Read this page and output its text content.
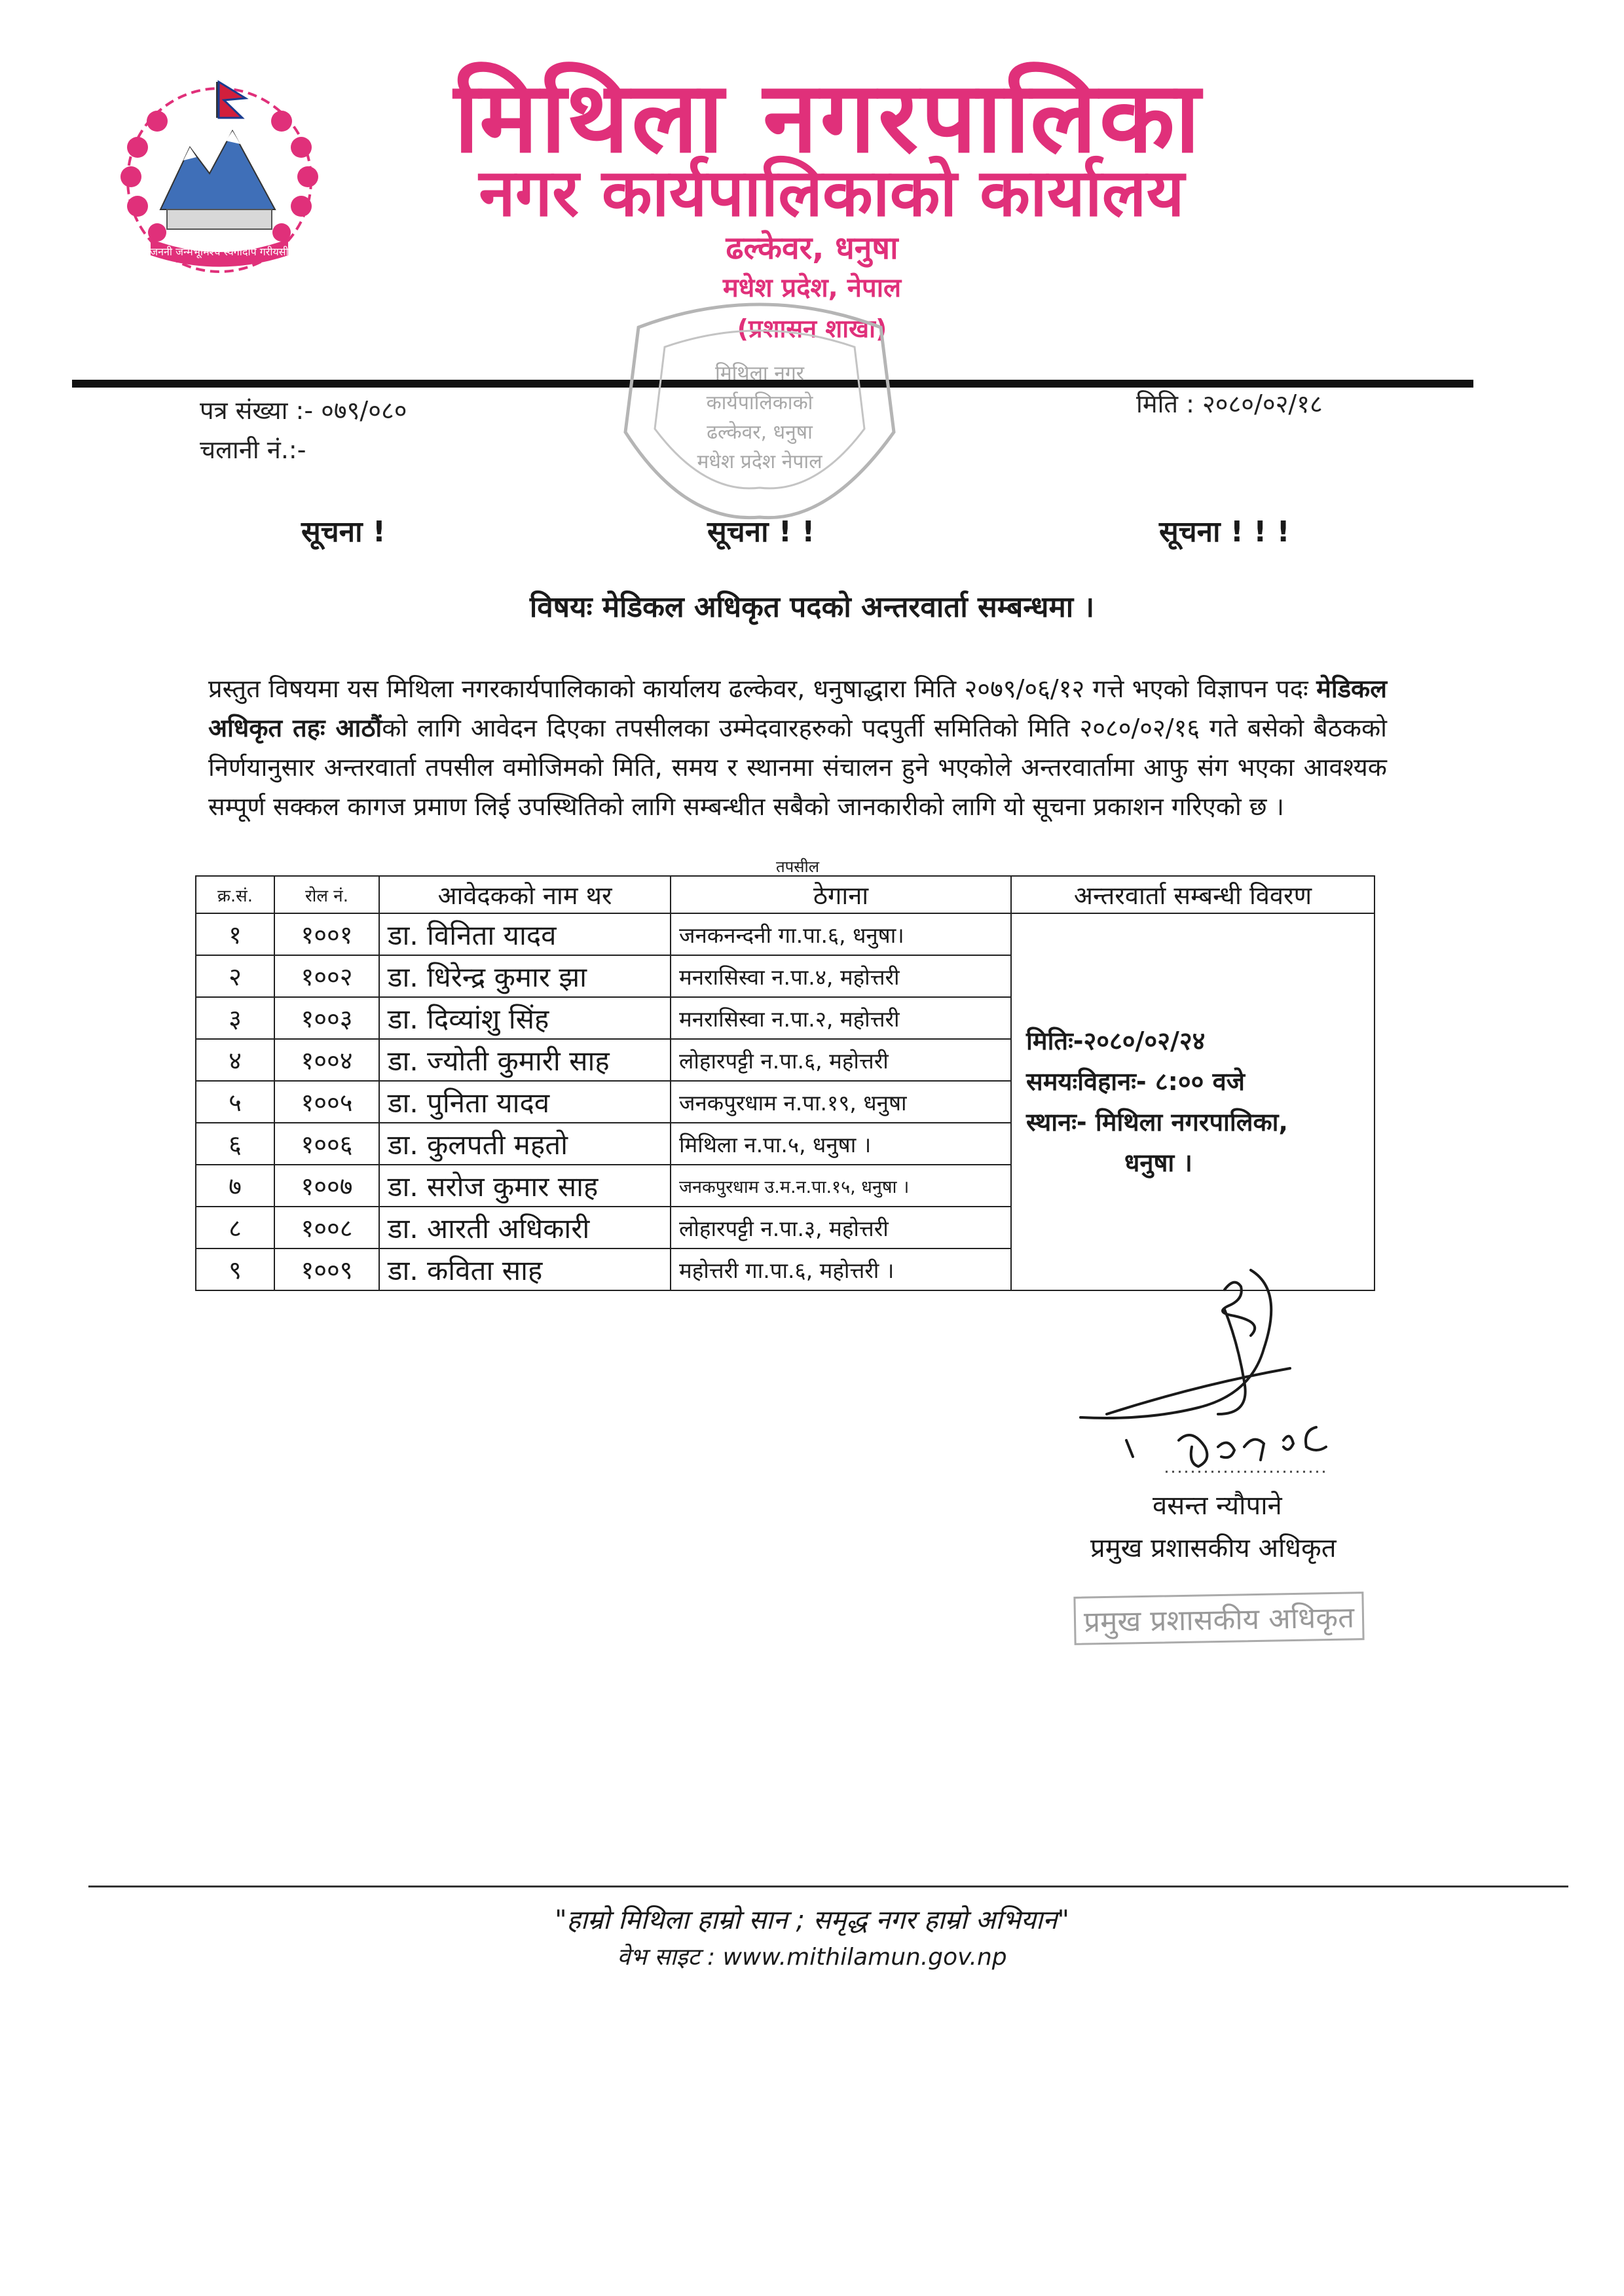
जननी जन्मभूमिश्च स्वर्गादपि गरीयसी
मिथिला नगरपालिका
नगर कार्यपालिकाको कार्यालय
ढल्केवर, धनुषा
मधेश प्रदेश, नेपाल
(प्रशासन शाखा)
मिथिला नगर
कार्यपालिकाको
ढल्केवर, धनुषा
मधेश प्रदेश नेपाल
पत्र संख्या :- ०७९/०८०
चलानी नं.:-
मिति : २०८०/०२/१८
सूचना !	सूचना ! !	सूचना ! ! !
विषयः मेडिकल अधिकृत पदको अन्तरवार्ता सम्बन्धमा ।
प्रस्तुत विषयमा यस मिथिला नगरकार्यपालिकाको कार्यालय ढल्केवर, धनुषाद्धारा मिति २०७९/०६/१२ गत्ते भएको विज्ञापन पदः मेडिकल अधिकृत तहः आठौंको लागि आवेदन दिएका तपसीलका उम्मेदवारहरुको पदपुर्ती समितिको मिति २०८०/०२/१६ गते बसेको बैठकको निर्णयानुसार अन्तरवार्ता तपसील वमोजिमको मिति, समय र स्थानमा संचालन हुने भएकोले अन्तरवार्तामा आफु संग भएका आवश्यक सम्पूर्ण सक्कल कागज प्रमाण लिई उपस्थितिको लागि सम्बन्धीत सबैको जानकारीको लागि यो सूचना प्रकाशन गरिएको छ ।
तपसील
क्र.सं.	रोल नं.	आवेदकको नाम थर	ठेगाना	अन्तरवार्ता सम्बन्धी विवरण
१	१००१	डा. विनिता यादव	जनकनन्दनी गा.पा.६, धनुषा।	मितिः-२०८०/०२/२४
समयःविहानः- ८:०० वजे
स्थानः- मिथिला नगरपालिका,

धनुषा ।

२	१००२	डा. धिरेन्द्र कुमार झा	मनरासिस्वा न.पा.४, महोत्तरी	
३	१००३	डा. दिव्यांशु सिंह	मनरासिस्वा न.पा.२, महोत्तरी	
४	१००४	डा. ज्योती कुमारी साह	लोहारपट्टी न.पा.६, महोत्तरी	
५	१००५	डा. पुनिता यादव	जनकपुरधाम न.पा.१९, धनुषा	
६	१००६	डा. कुलपती महतो	मिथिला न.पा.५, धनुषा ।	
७	१००७	डा. सरोज कुमार साह	जनकपुरधाम उ.म.न.पा.१५, धनुषा ।	
८	१००८	डा. आरती अधिकारी	लोहारपट्टी न.पा.३, महोत्तरी	
९	१००९	डा. कविता साह	महोत्तरी गा.पा.६, महोत्तरी ।	
वसन्त न्यौपाने
प्रमुख प्रशासकीय अधिकृत
प्रमुख प्रशासकीय अधिकृत
"हाम्रो मिथिला हाम्रो सान ; समृद्ध नगर हाम्रो अभियान"
वेभ साइट : www.mithilamun.gov.np
